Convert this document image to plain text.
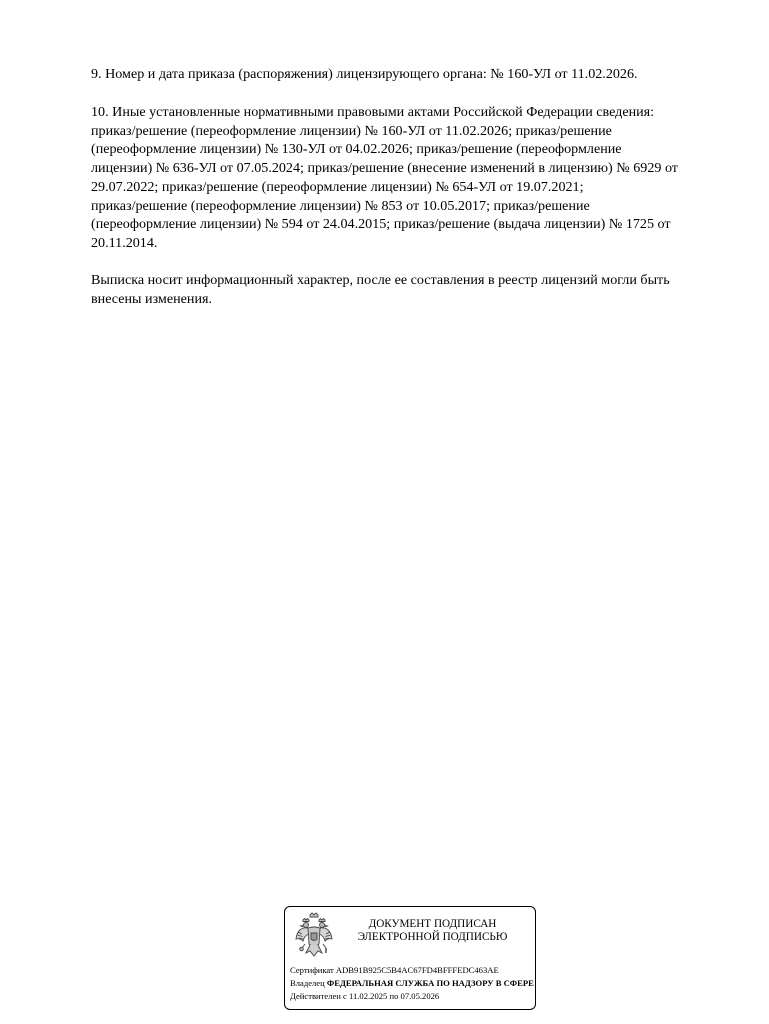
9. Номер и дата приказа (распоряжения) лицензирующего органа: № 160-УЛ от 11.02.2026.
10. Иные установленные нормативными правовыми актами Российской Федерации сведения:
приказ/решение (переоформление лицензии) № 160-УЛ от 11.02.2026; приказ/решение
(переоформление лицензии) № 130-УЛ от 04.02.2026; приказ/решение (переоформление
лицензии) № 636-УЛ от 07.05.2024; приказ/решение (внесение изменений в лицензию) № 6929 от
29.07.2022; приказ/решение (переоформление лицензии) № 654-УЛ от 19.07.2021;
приказ/решение (переоформление лицензии) № 853 от 10.05.2017; приказ/решение
(переоформление лицензии) № 594 от 24.04.2015; приказ/решение (выдача лицензии) № 1725 от
20.11.2014.
Выписка носит информационный характер, после ее составления в реестр лицензий могли быть
внесены изменения.
ДОКУМЕНТ ПОДПИСАН
ЭЛЕКТРОННОЙ ПОДПИСЬЮ
Сертификат ADB91B925C5B4AC67FD4BFFFEDC463AE
Владелец ФЕДЕРАЛЬНАЯ СЛУЖБА ПО НАДЗОРУ В СФЕРЕ
Действителен с 11.02.2025 по 07.05.2026
